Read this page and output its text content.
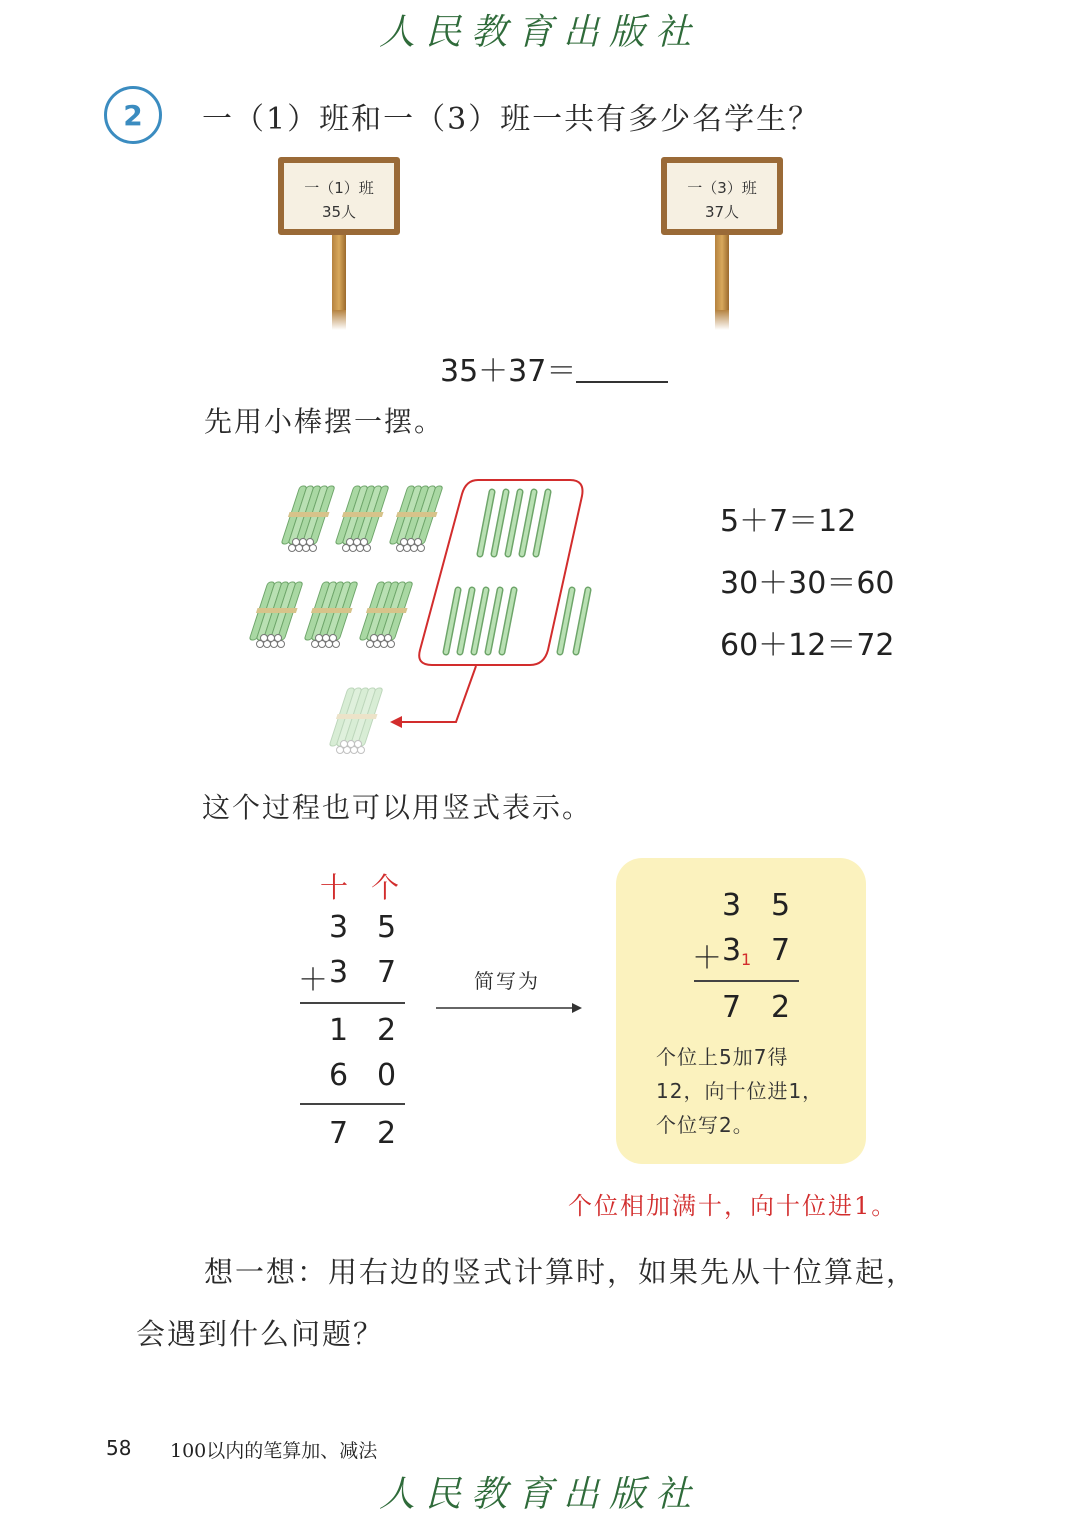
人民教育出版社
2	一（1）班和一（3）班一共有多少名学生？
一（1）班
35人
一（3）班
37人
35＋37＝
先用小棒摆一摆。
5＋7＝12
30＋30＝60
60＋12＝72
这个过程也可以用竖式表示。
十 个
3 5
＋ 3 7
1 2
6 0
7 2
简写为
3 5
＋ 3 1 7
7 2
个位上5加7得
12，向十位进1，
个位写2。
个位相加满十，向十位进1。
想一想：用右边的竖式计算时，如果先从十位算起，
会遇到什么问题？
58 100以内的笔算加、减法
人民教育出版社
